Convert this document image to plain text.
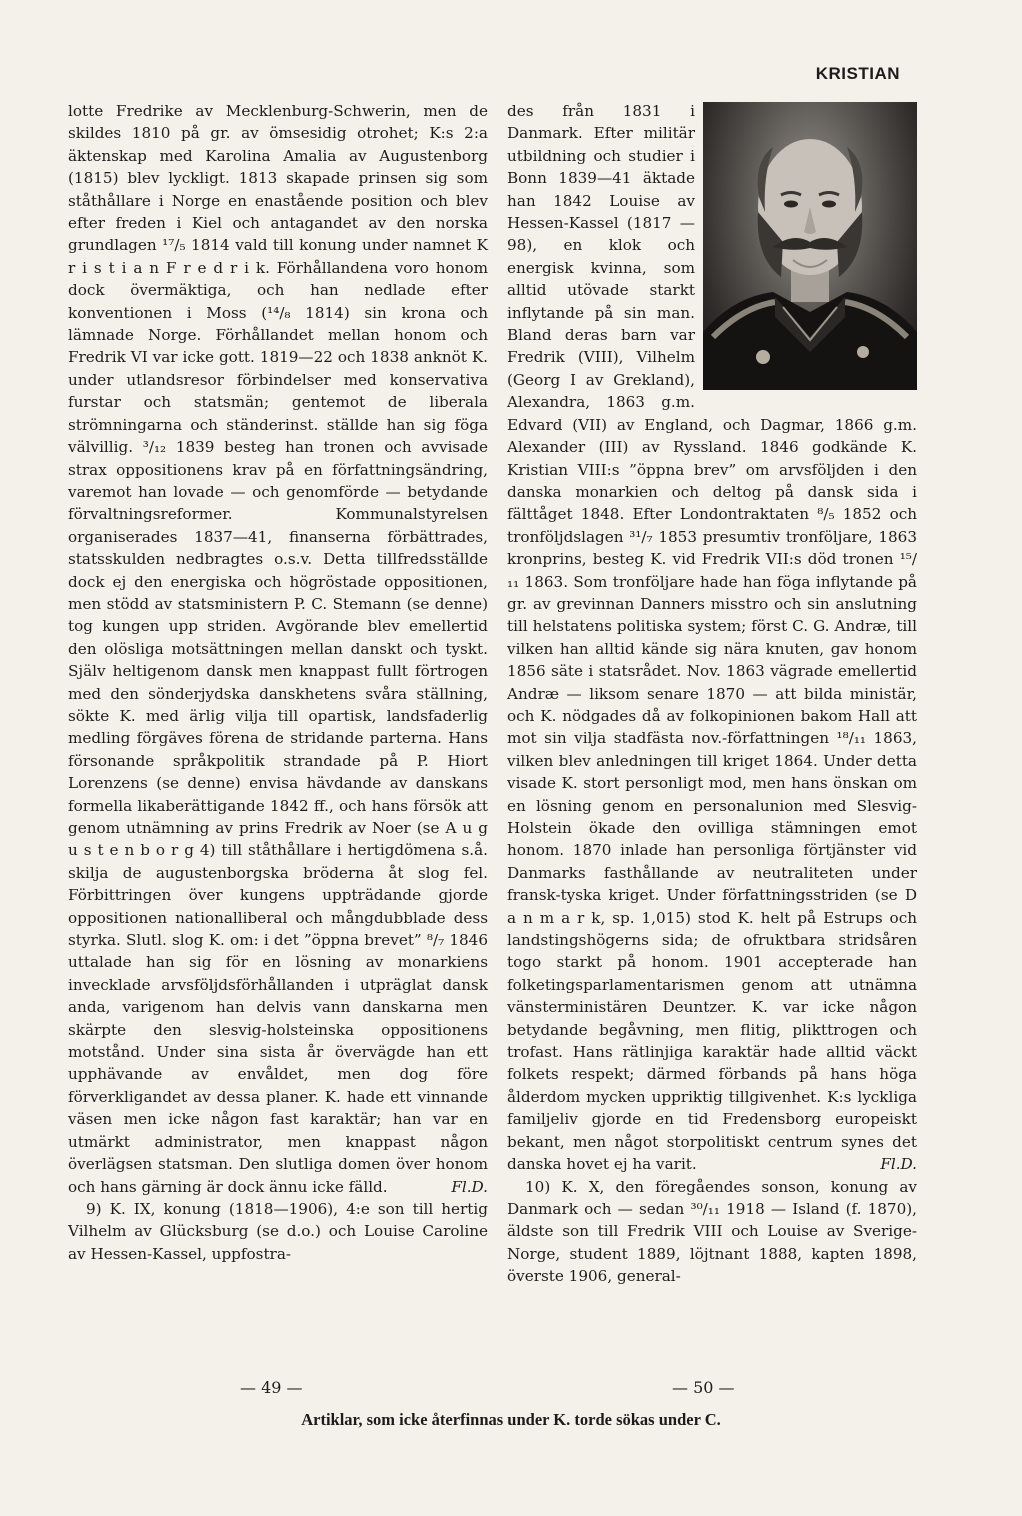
KRISTIAN

lotte Fredrike av Mecklenburg-Schwerin, men de skildes 1810 på gr. av ömsesidig otrohet; K:s 2:a äktenskap med Karolina Amalia av Augustenborg (1815) blev lyckligt. 1813 skapade prinsen sig som ståthållare i Norge en enastående position och blev efter freden i Kiel och antagandet av den norska grundlagen ¹⁷/₅ 1814 vald till konung under namnet K r i s t i a n F r e d r i k. Förhållandena voro honom dock övermäktiga, och han nedlade efter konventionen i Moss (¹⁴/₈ 1814) sin krona och lämnade Norge. Förhållandet mellan honom och Fredrik VI var icke gott. 1819—22 och 1838 anknöt K. under utlandsresor förbindelser med konservativa furstar och statsmän; gentemot de liberala strömningarna och ständerinst. ställde han sig föga välvillig. ³/₁₂ 1839 besteg han tronen och avvisade strax oppositionens krav på en författningsändring, varemot han lovade — och genomförde — betydande förvaltningsreformer. Kommunalstyrelsen organiserades 1837—41, finanserna förbättrades, statsskulden nedbragtes o.s.v. Detta tillfredsställde dock ej den energiska och högröstade oppositionen, men stödd av statsministern P. C. Stemann (se denne) tog kungen upp striden. Avgörande blev emellertid den olösliga motsättningen mellan danskt och tyskt. Själv heltigenom dansk men knappast fullt förtrogen med den sönderjydska danskhetens svåra ställning, sökte K. med ärlig vilja till opartisk, landsfaderlig medling förgäves förena de stridande parterna. Hans försonande språkpolitik strandade på P. Hiort Lorenzens (se denne) envisa hävdande av danskans formella likaberättigande 1842 ff., och hans försök att genom utnämning av prins Fredrik av Noer (se A u g u s t e n b o r g 4) till ståthållare i hertigdömena s.å. skilja de augustenborgska bröderna åt slog fel. Förbittringen över kungens uppträdande gjorde oppositionen nationalliberal och mångdubblade dess styrka. Slutl. slog K. om: i det ”öppna brevet” ⁸/₇ 1846 uttalade han sig för en lösning av monarkiens invecklade arvsföljdsförhållanden i utpräglat dansk anda, varigenom han delvis vann danskarna men skärpte den slesvig-holsteinska oppositionens motstånd. Under sina sista år övervägde han ett upphävande av envåldet, men dog före förverkligandet av dessa planer. K. hade ett vinnande väsen men icke någon fast karaktär; han var en utmärkt administrator, men knappast någon överlägsen statsman. Den slutliga domen över honom och hans gärning är dock ännu icke fälld.	Fl.D.

9) K. IX, konung (1818—1906), 4:e son till hertig Vilhelm av Glücksburg (se d.o.) och Louise Caroline av Hessen-Kassel, uppfostra-

des från 1831 i Danmark. Efter militär utbildning och studier i Bonn 1839—41 äktade han 1842 Louise av Hessen-Kassel (1817 —98), en klok och energisk kvinna, som alltid utövade starkt inflytande på sin man. Bland deras barn var Fredrik (VIII), Vilhelm (Georg I av Grekland), Alexandra, 1863 g.m. Edvard (VII) av England, och Dagmar, 1866 g.m. Alexander (III) av Ryssland. 1846 godkände K. Kristian VIII:s ”öppna brev” om arvsföljden i den danska monarkien och deltog på dansk sida i fälttåget 1848. Efter Londontraktaten ⁸/₅ 1852 och tronföljdslagen ³¹/₇ 1853 presumtiv tronföljare, 1863 kronprins, besteg K. vid Fredrik VII:s död tronen ¹⁵/₁₁ 1863. Som tronföljare hade han föga inflytande på gr. av grevinnan Danners misstro och sin anslutning till helstatens politiska system; först C. G. Andræ, till vilken han alltid kände sig nära knuten, gav honom 1856 säte i statsrådet. Nov. 1863 vägrade emellertid Andræ — liksom senare 1870 — att bilda ministär, och K. nödgades då av folkopinionen bakom Hall att mot sin vilja stadfästa nov.-författningen ¹⁸/₁₁ 1863, vilken blev anledningen till kriget 1864. Under detta visade K. stort personligt mod, men hans önskan om en lösning genom en personalunion med Slesvig-Holstein ökade den ovilliga stämningen emot honom. 1870 inlade han personliga förtjänster vid Danmarks fasthållande av neutraliteten under fransk-tyska kriget. Under författningsstriden (se D a n m a r k, sp. 1,015) stod K. helt på Estrups och landstingshögerns sida; de ofruktbara stridsåren togo starkt på honom. 1901 accepterade han folketingsparlamentarismen genom att utnämna vänsterministären Deuntzer. K. var icke någon betydande begåvning, men flitig, plikttrogen och trofast. Hans rätlinjiga karaktär hade alltid väckt folkets respekt; därmed förbands på hans höga ålderdom mycken uppriktig tillgivenhet. K:s lyckliga familjeliv gjorde en tid Fredensborg europeiskt bekant, men något storpolitiskt centrum synes det danska hovet ej ha varit.	Fl.D.

10) K. X, den föregåendes sonson, konung av Danmark och — sedan ³⁰/₁₁ 1918 — Island (f. 1870), äldste son till Fredrik VIII och Louise av Sverige-Norge, student 1889, löjtnant 1888, kapten 1898, överste 1906, general-

— 49 —	— 50 —
Artiklar, som icke återfinnas under K. torde sökas under C.
